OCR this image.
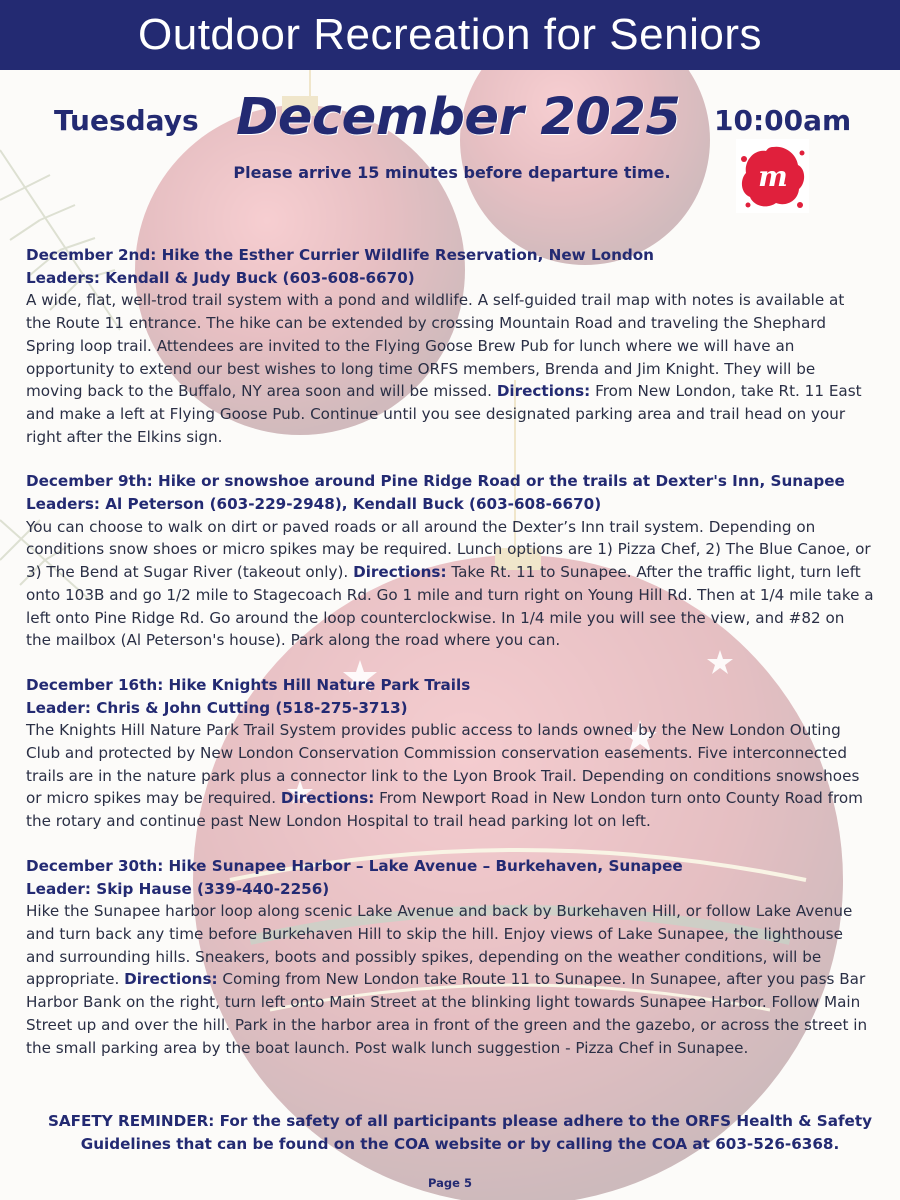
Outdoor Recreation for Seniors
Tuesdays December 2025 10:00am
Please arrive 15 minutes before departure time.	m
December 2nd: Hike the Esther Currier Wildlife Reservation, New London
Leaders: Kendall & Judy Buck (603-608-6670)

A wide, flat, well-trod trail system with a pond and wildlife. A self-guided trail map with notes is available at the Route 11 entrance. The hike can be extended by crossing Mountain Road and traveling the Shephard Spring loop trail. Attendees are invited to the Flying Goose Brew Pub for lunch where we will have an opportunity to extend our best wishes to long time ORFS members, Brenda and Jim Knight. They will be moving back to the Buffalo, NY area soon and will be missed. Directions: From New London, take Rt. 11 East and make a left at Flying Goose Pub. Continue until you see designated parking area and trail head on your right after the Elkins sign.

December 9th: Hike or snowshoe around Pine Ridge Road or the trails at Dexter's Inn, Sunapee
Leaders: Al Peterson (603-229-2948), Kendall Buck (603-608-6670)

You can choose to walk on dirt or paved roads or all around the Dexter’s Inn trail system. Depending on conditions snow shoes or micro spikes may be required. Lunch options are 1) Pizza Chef, 2) The Blue Canoe, or 3) The Bend at Sugar River (takeout only). Directions: Take Rt. 11 to Sunapee. After the traffic light, turn left onto 103B and go 1/2 mile to Stagecoach Rd. Go 1 mile and turn right on Young Hill Rd. Then at 1/4 mile take a left onto Pine Ridge Rd. Go around the loop counterclockwise. In 1/4 mile you will see the view, and #82 on the mailbox (Al Peterson's house). Park along the road where you can.

December 16th: Hike Knights Hill Nature Park Trails
Leader: Chris & John Cutting (518-275-3713)

The Knights Hill Nature Park Trail System provides public access to lands owned by the New London Outing Club and protected by New London Conservation Commission conservation easements. Five interconnected trails are in the nature park plus a connector link to the Lyon Brook Trail. Depending on conditions snowshoes or micro spikes may be required. Directions: From Newport Road in New London turn onto County Road from the rotary and continue past New London Hospital to trail head parking lot on left.

December 30th: Hike Sunapee Harbor – Lake Avenue – Burkehaven, Sunapee
Leader: Skip Hause (339-440-2256)

Hike the Sunapee harbor loop along scenic Lake Avenue and back by Burkehaven Hill, or follow Lake Avenue and turn back any time before Burkehaven Hill to skip the hill. Enjoy views of Lake Sunapee, the lighthouse and surrounding hills. Sneakers, boots and possibly spikes, depending on the weather conditions, will be appropriate. Directions: Coming from New London take Route 11 to Sunapee. In Sunapee, after you pass Bar Harbor Bank on the right, turn left onto Main Street at the blinking light towards Sunapee Harbor. Follow Main Street up and over the hill. Park in the harbor area in front of the green and the gazebo, or across the street in the small parking area by the boat launch. Post walk lunch suggestion - Pizza Chef in Sunapee.

SAFETY REMINDER: For the safety of all participants please adhere to the ORFS Health & Safety
Guidelines that can be found on the COA website or by calling the COA at 603-526-6368.
Page 5
